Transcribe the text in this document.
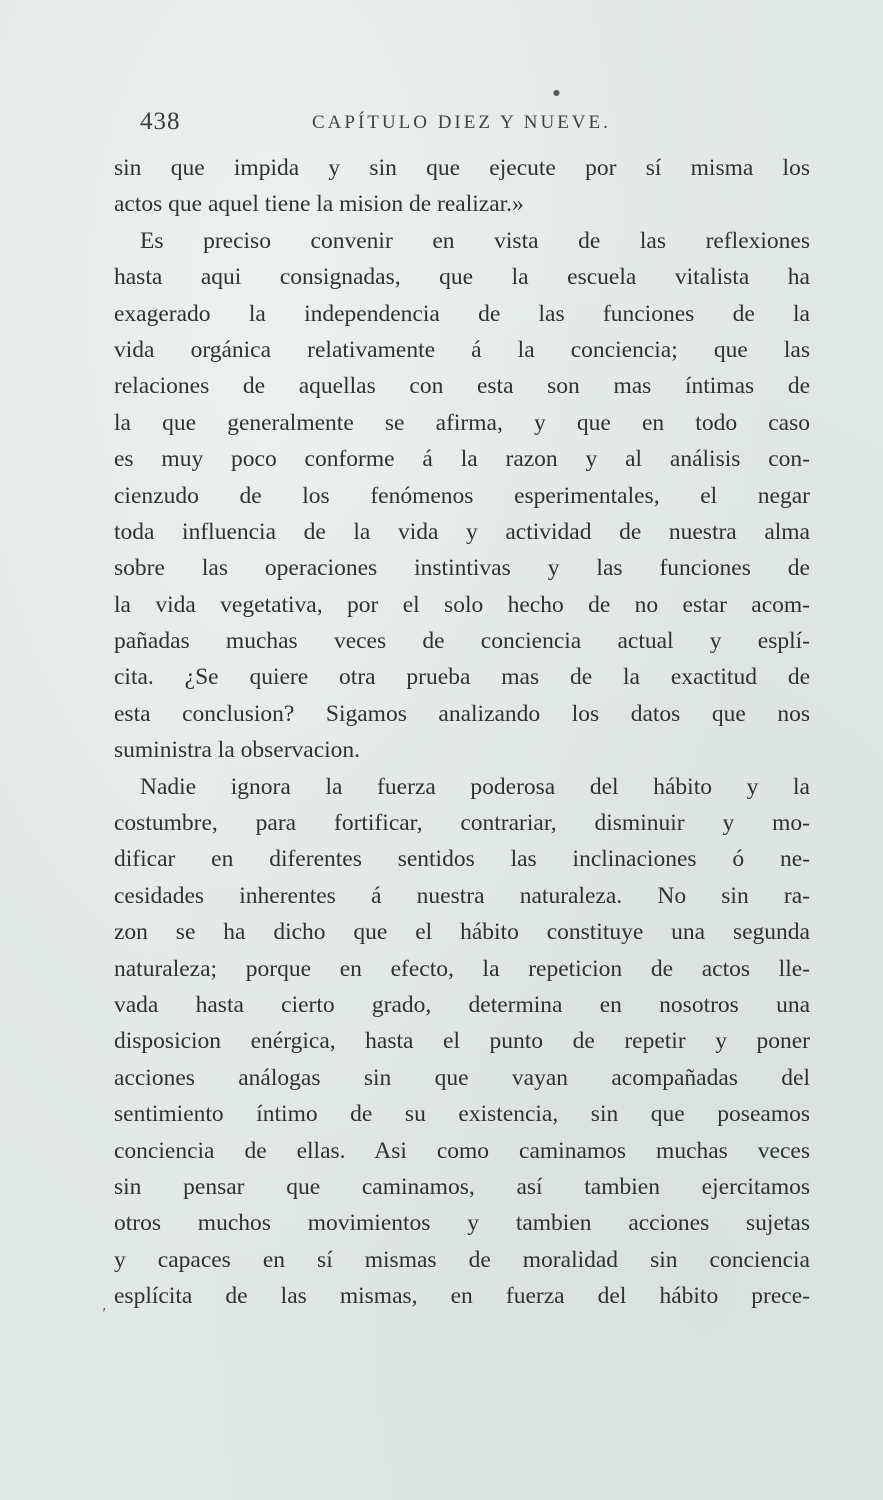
438	CAPÍTULO DIEZ Y NUEVE.
sin que impida y sin que ejecute por sí misma los
actos que aquel tiene la mision de realizar.»
Es preciso convenir en vista de las reflexiones
hasta aqui consignadas, que la escuela vitalista ha
exagerado la independencia de las funciones de la
vida orgánica relativamente á la conciencia; que las
relaciones de aquellas con esta son mas íntimas de
la que generalmente se afirma, y que en todo caso
es muy poco conforme á la razon y al análisis con-
cienzudo de los fenómenos esperimentales, el negar
toda influencia de la vida y actividad de nuestra alma
sobre las operaciones instintivas y las funciones de
la vida vegetativa, por el solo hecho de no estar acom-
pañadas muchas veces de conciencia actual y esplí-
cita. ¿Se quiere otra prueba mas de la exactitud de
esta conclusion? Sigamos analizando los datos que nos
suministra la observacion.
Nadie ignora la fuerza poderosa del hábito y la
costumbre, para fortificar, contrariar, disminuir y mo-
dificar en diferentes sentidos las inclinaciones ó ne-
cesidades inherentes á nuestra naturaleza. No sin ra-
zon se ha dicho que el hábito constituye una segunda
naturaleza; porque en efecto, la repeticion de actos lle-
vada hasta cierto grado, determina en nosotros una
disposicion enérgica, hasta el punto de repetir y poner
acciones análogas sin que vayan acompañadas del
sentimiento íntimo de su existencia, sin que poseamos
conciencia de ellas. Asi como caminamos muchas veces
sin pensar que caminamos, así tambien ejercitamos
otros muchos movimientos y tambien acciones sujetas
y capaces en sí mismas de moralidad sin conciencia
esplícita de las mismas, en fuerza del hábito prece-
,
●
